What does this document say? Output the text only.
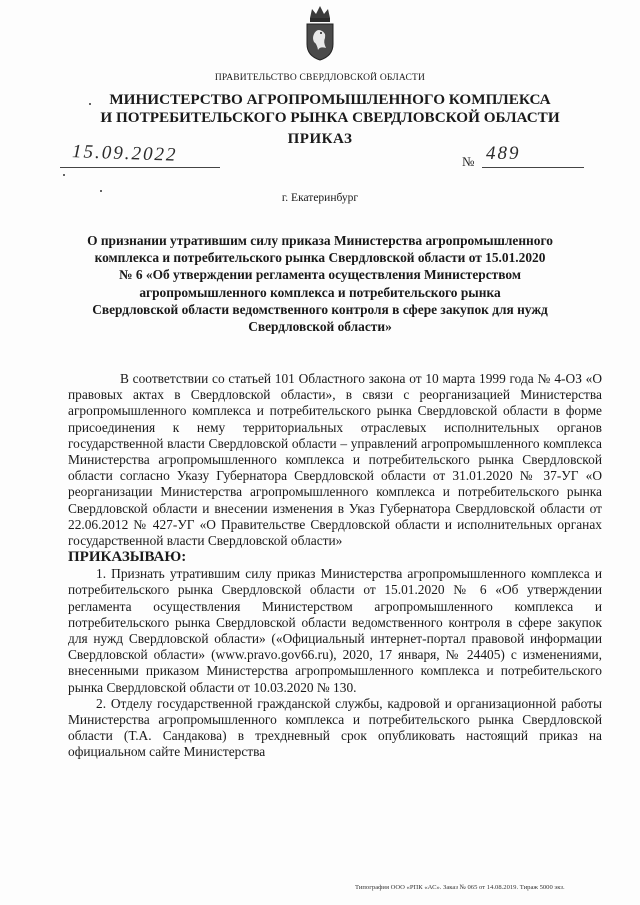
ПРАВИТЕЛЬСТВО СВЕРДЛОВСКОЙ ОБЛАСТИ
МИНИСТЕРСТВО АГРОПРОМЫШЛЕННОГО КОМПЛЕКСА
И ПОТРЕБИТЕЛЬСКОГО РЫНКА СВЕРДЛОВСКОЙ ОБЛАСТИ
ПРИКАЗ
15.09.2022	№ 489
г. Екатеринбург
О признании утратившим силу приказа Министерства агропромышленного
комплекса и потребительского рынка Свердловской области от 15.01.2020
№ 6 «Об утверждении регламента осуществления Министерством
агропромышленного комплекса и потребительского рынка
Свердловской области ведомственного контроля в сфере закупок для нужд
Свердловской области»

В соответствии со статьей 101 Областного закона от 10 марта 1999 года № 4-ОЗ «О правовых актах в Свердловской области», в связи с реорганизацией Министерства агропромышленного комплекса и потребительского рынка Свердловской области в форме присоединения к нему территориальных отраслевых исполнительных органов государственной власти Свердловской области – управлений агропромышленного комплекса Министерства агропромышленного комплекса и потребительского рынка Свердловской области согласно Указу Губернатора Свердловской области от 31.01.2020 № 37-УГ «О реорганизации Министерства агропромышленного комплекса и потребительского рынка Свердловской области и внесении изменения в Указ Губернатора Свердловской области от 22.06.2012 № 427-УГ «О Правительстве Свердловской области и исполнительных органах государственной власти Свердловской области»

ПРИКАЗЫВАЮ:

1. Признать утратившим силу приказ Министерства агропромышленного комплекса и потребительского рынка Свердловской области от 15.01.2020 № 6 «Об утверждении регламента осуществления Министерством агропромышленного комплекса и потребительского рынка Свердловской области ведомственного контроля в сфере закупок для нужд Свердловской области» («Официальный интернет-портал правовой информации Свердловской области» (www.pravo.gov66.ru), 2020, 17 января, № 24405) с изменениями, внесенными приказом Министерства агропромышленного комплекса и потребительского рынка Свердловской области от 10.03.2020 № 130.

2. Отделу государственной гражданской службы, кадровой и организационной работы Министерства агропромышленного комплекса и потребительского рынка Свердловской области (Т.А. Сандакова) в трехдневный срок опубликовать настоящий приказ на официальном сайте Министерства

Типография ООО «РПК «АС». Заказ № 065 от 14.08.2019. Тираж 5000 экз.
